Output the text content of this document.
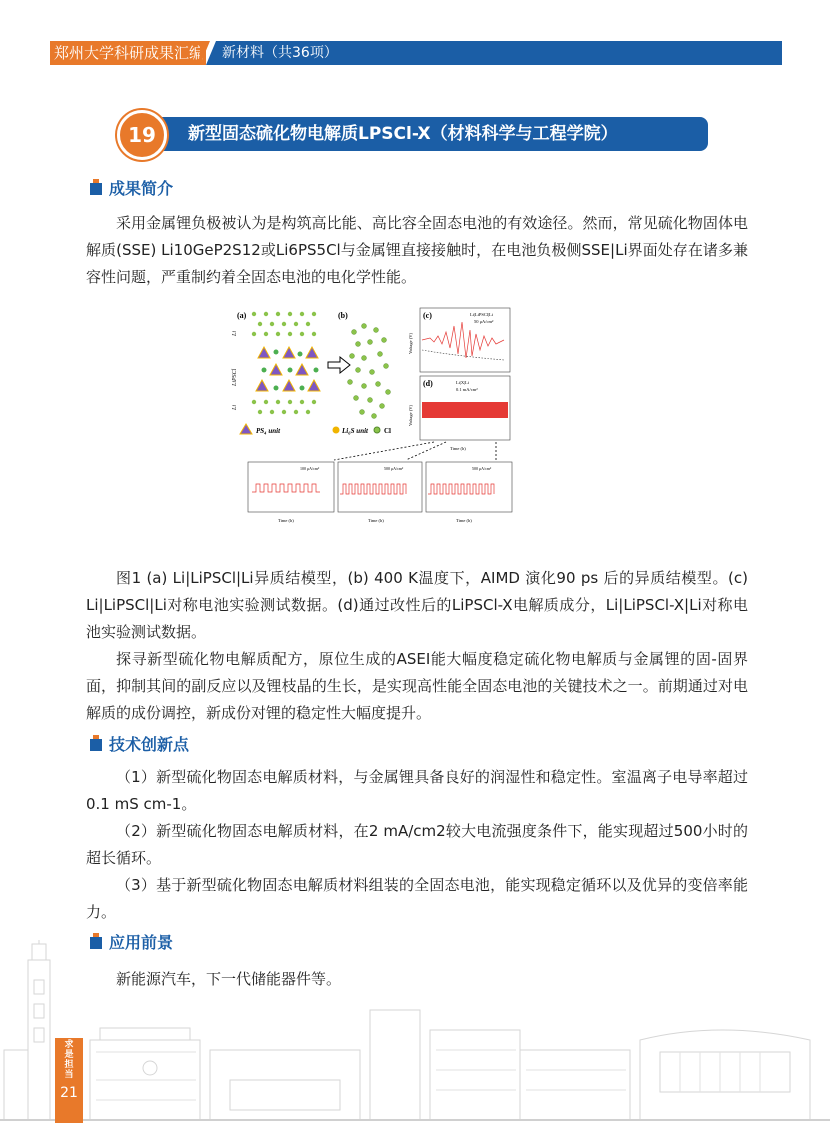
郑州大学科研成果汇编	新材料（共36项）
新型固态硫化物电解质LPSCl-X（材料科学与工程学院）
19
成果简介

采用金属锂负极被认为是构筑高比能、高比容全固态电池的有效途径。然而，常见硫化物固体电解质(SSE) Li10GeP2S12或Li6PS5Cl与金属锂直接接触时，在电池负极侧SSE|Li界面处存在诸多兼容性问题，严重制约着全固态电池的电化学性能。

(a)
Li
LiPSCl
Li
(b)
PS₄ unit	Li₆S unit Cl
(c)	Li|LiPSCl|Li
50 μA/cm²
Voltage (V)
(d)	Li|X|Li
0.1 mA/cm²
Voltage (V)
Time (h)
100 μA/cm²
Time (h)
500 μA/cm²
Time (h)
500 μA/cm²
Time (h)

图1 (a) Li|LiPSCl|Li异质结模型，(b) 400 K温度下，AIMD 演化90 ps 后的异质结模型。(c) Li|LiPSCl|Li对称电池实验测试数据。(d)通过改性后的LiPSCl-X电解质成分，Li|LiPSCl-X|Li对称电池实验测试数据。

探寻新型硫化物电解质配方，原位生成的ASEI能大幅度稳定硫化物电解质与金属锂的固-固界面，抑制其间的副反应以及锂枝晶的生长，是实现高性能全固态电池的关键技术之一。前期通过对电解质的成份调控，新成份对锂的稳定性大幅度提升。

技术创新点

（1）新型硫化物固态电解质材料，与金属锂具备良好的润湿性和稳定性。室温离子电导率超过0.1 mS cm-1。

（2）新型硫化物固态电解质材料，在2 mA/cm2较大电流强度条件下，能实现超过500小时的超长循环。

（3）基于新型硫化物固态电解质材料组装的全固态电池，能实现稳定循环以及优异的变倍率能力。

应用前景

新能源汽车，下一代储能器件等。

求是担当
21
